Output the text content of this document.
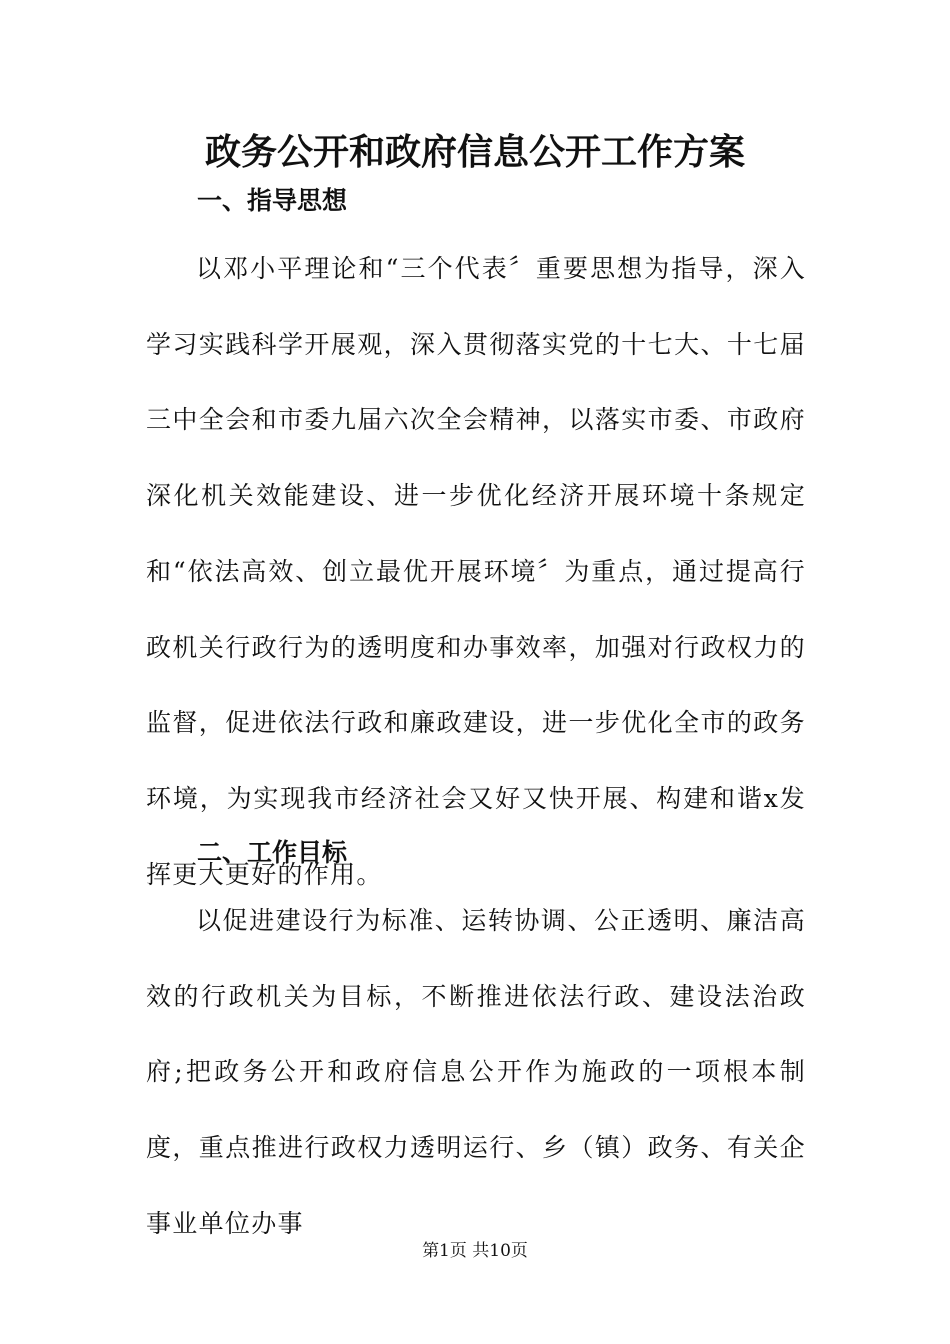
政务公开和政府信息公开工作方案
一、指导思想

以邓小平理论和“三个代表〞重要思想为指导，深入学习实践科学开展观，深入贯彻落实党的十七大、十七届三中全会和市委九届六次全会精神，以落实市委、市政府深化机关效能建设、进一步优化经济开展环境十条规定和“依法高效、创立最优开展环境〞为重点，通过提高行政机关行政行为的透明度和办事效率，加强对行政权力的监督，促进依法行政和廉政建设，进一步优化全市的政务环境，为实现我市经济社会又好又快开展、构建和谐x发挥更大更好的作用。

二、工作目标

以促进建设行为标准、运转协调、公正透明、廉洁高效的行政机关为目标，不断推进依法行政、建设法治政府;把政务公开和政府信息公开作为施政的一项根本制度，重点推进行政权力透明运行、乡（镇）政务、有关企事业单位办事

第1页 共10页
